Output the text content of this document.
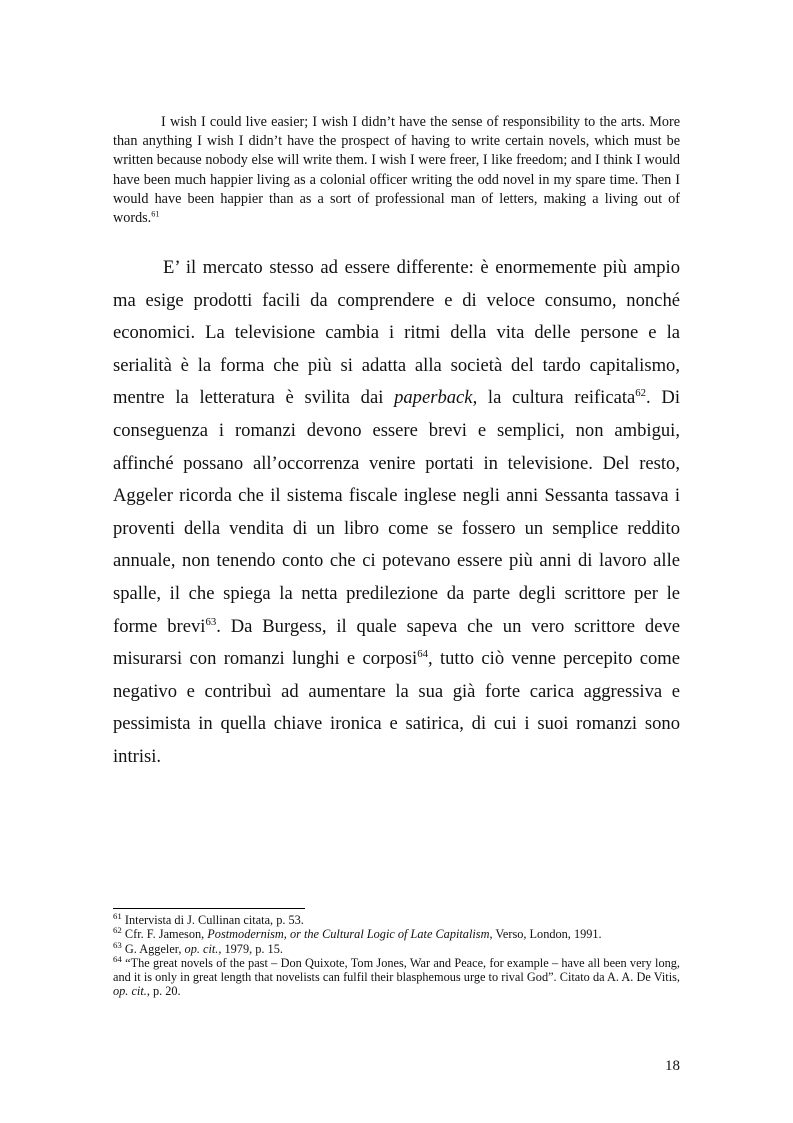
I wish I could live easier; I wish I didn’t have the sense of responsibility to the arts. More than anything I wish I didn’t have the prospect of having to write certain novels, which must be written because nobody else will write them. I wish I were freer, I like freedom; and I think I would have been much happier living as a colonial officer writing the odd novel in my spare time. Then I would have been happier than as a sort of professional man of letters, making a living out of words.$^{61}$

E’ il mercato stesso ad essere differente: è enormemente più ampio ma esige prodotti facili da comprendere e di veloce consumo, nonché economici. La televisione cambia i ritmi della vita delle persone e la serialità è la forma che più si adatta alla società del tardo capitalismo, mentre la letteratura è svilita dai paperback, la cultura reificata$^{62}$. Di conseguenza i romanzi devono essere brevi e semplici, non ambigui, affinché possano all’occorrenza venire portati in televisione. Del resto, Aggeler ricorda che il sistema fiscale inglese negli anni Sessanta tassava i proventi della vendita di un libro come se fossero un semplice reddito annuale, non tenendo conto che ci potevano essere più anni di lavoro alle spalle, il che spiega la netta predilezione da parte degli scrittore per le forme brevi$^{63}$. Da Burgess, il quale sapeva che un vero scrittore deve misurarsi con romanzi lunghi e corposi$^{64}$, tutto ciò venne percepito come negativo e contribuì ad aumentare la sua già forte carica aggressiva e pessimista in quella chiave ironica e satirica, di cui i suoi romanzi sono intrisi.

$^{61}$ Intervista di J. Cullinan citata, p. 53.

$^{62}$ Cfr. F. Jameson, Postmodernism, or the Cultural Logic of Late Capitalism, Verso, London, 1991.

$^{63}$ G. Aggeler, op. cit., 1979, p. 15.

$^{64}$ “The great novels of the past – Don Quixote, Tom Jones, War and Peace, for example – have all been very long, and it is only in great length that novelists can fulfil their blasphemous urge to rival God”. Citato da A. A. De Vitis, op. cit., p. 20.

18
